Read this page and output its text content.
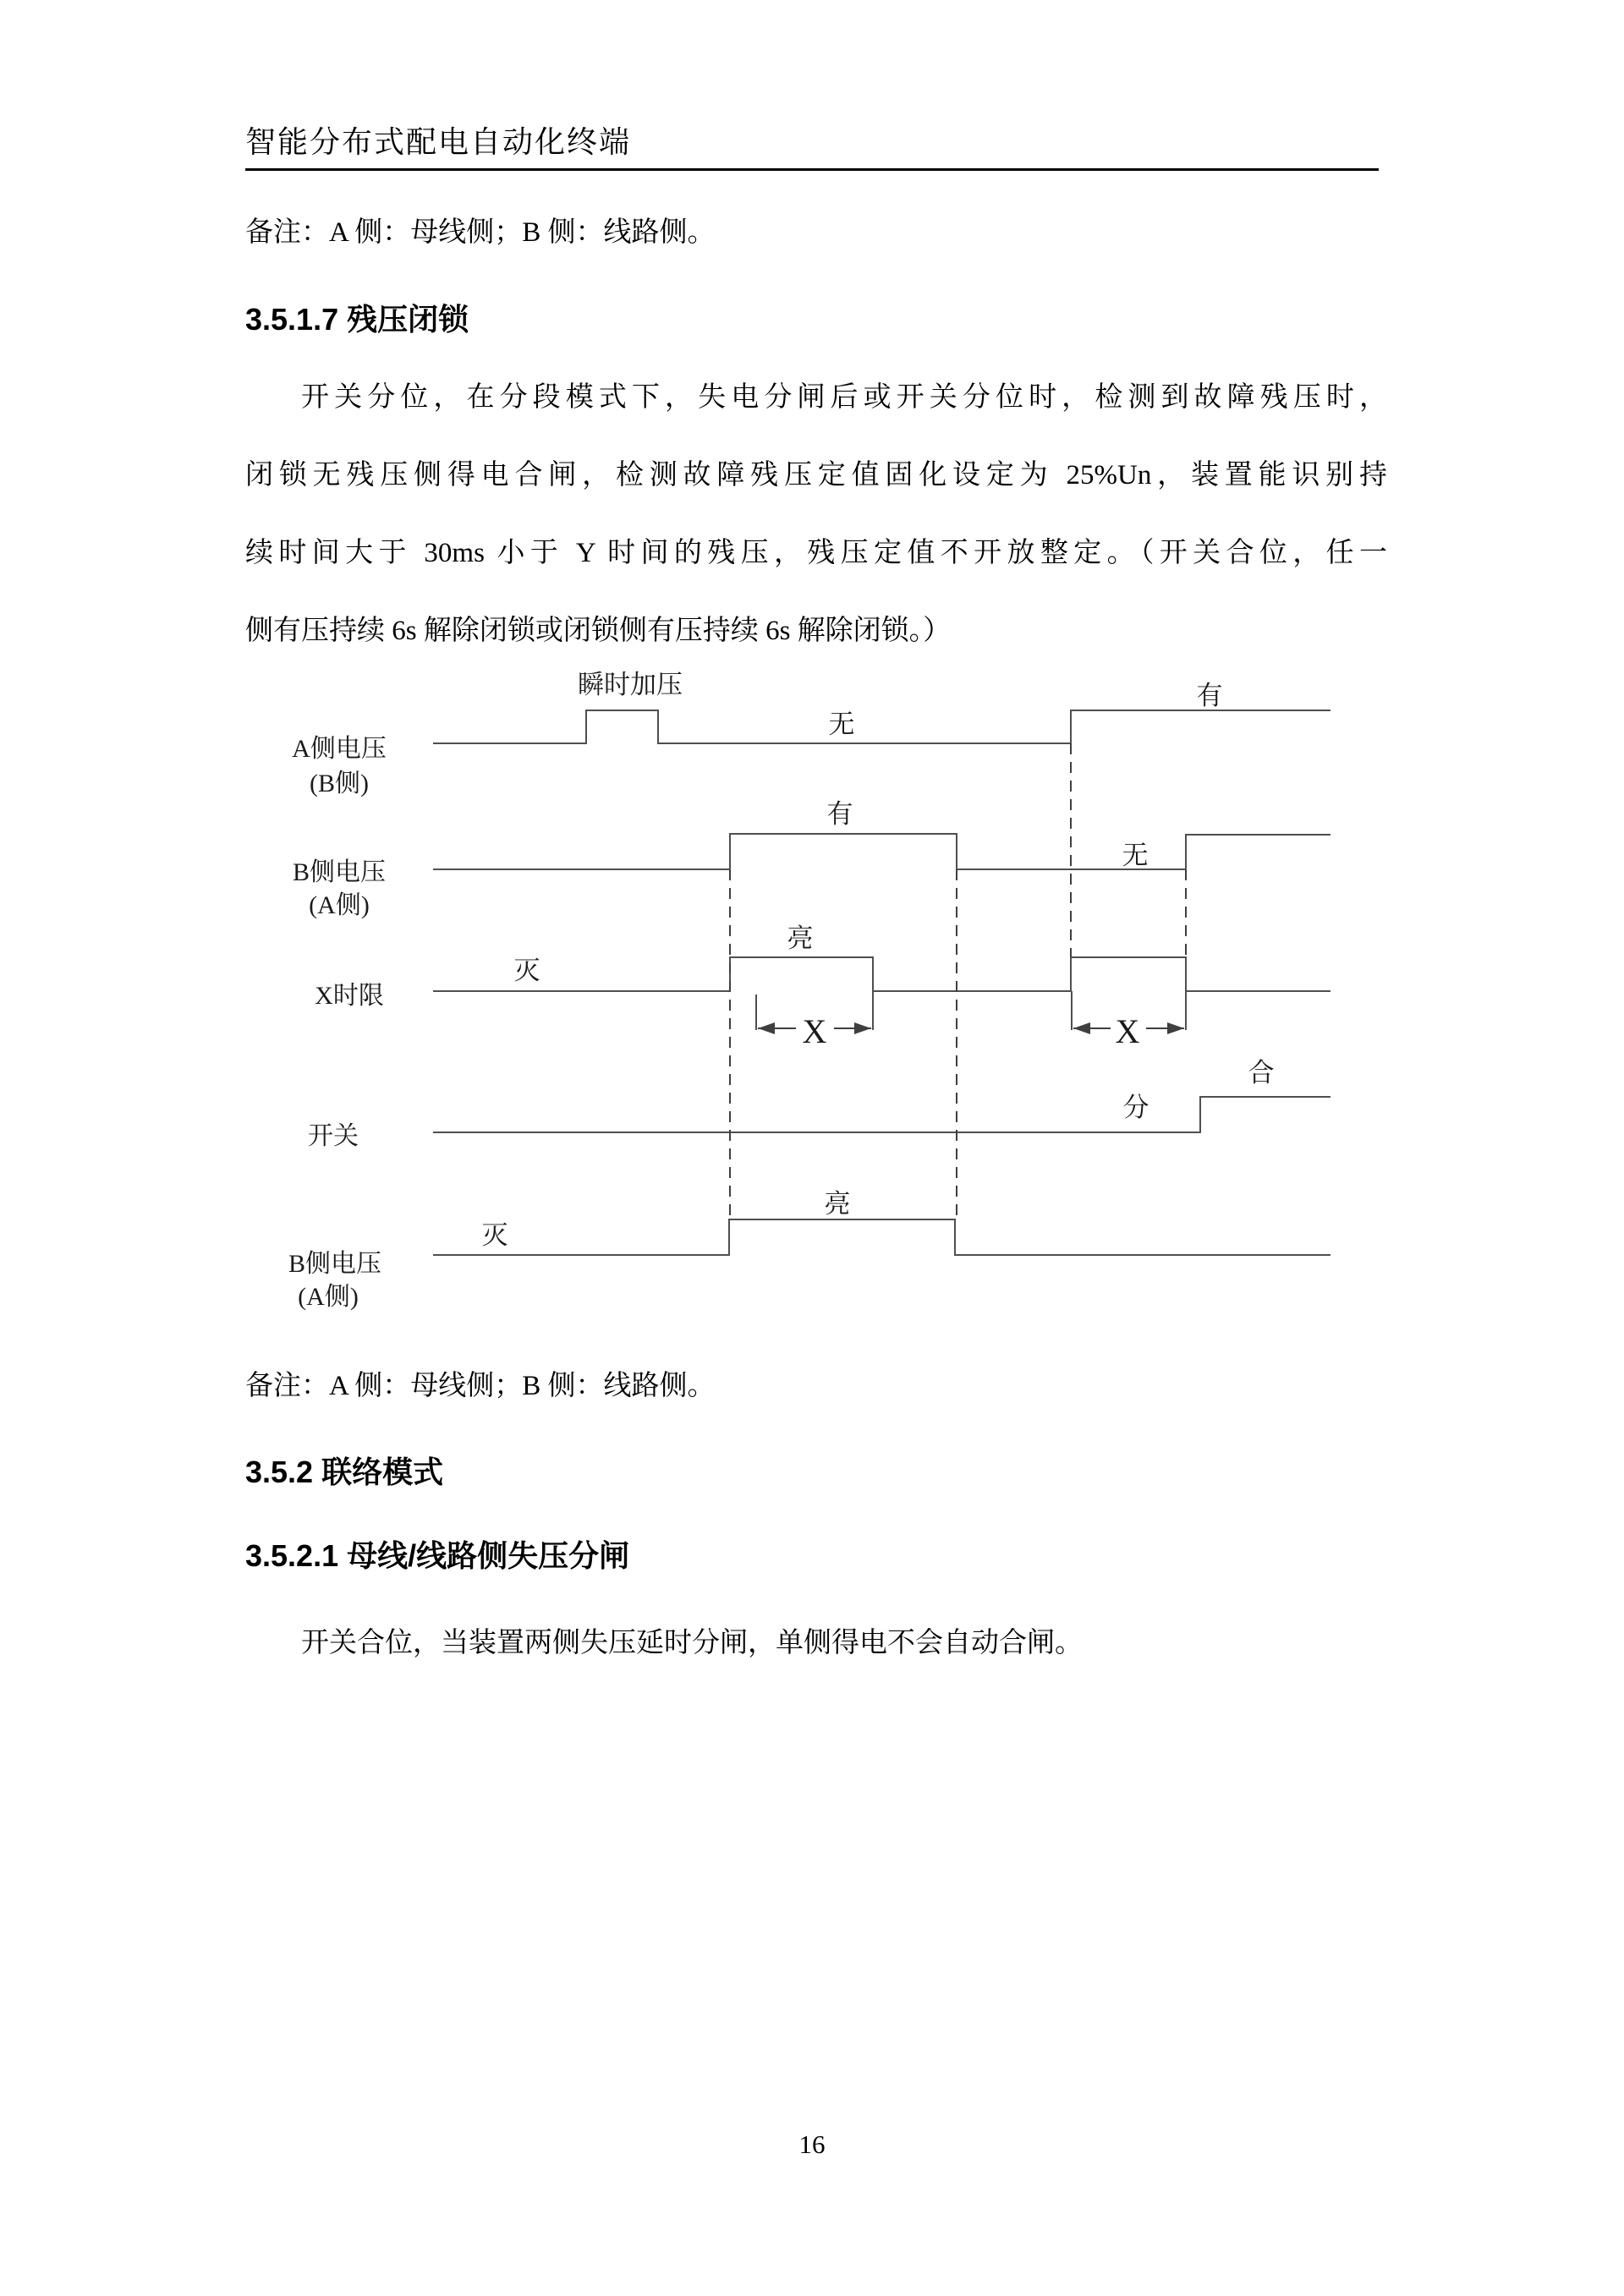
智能分布式配电自动化终端
备注：A 侧：母线侧；B 侧：线路侧。
3.5.1.7 残压闭锁
开关分位，在分段模式下，失电分闸后或开关分位时，检测到故障残压时，
闭锁无残压侧得电合闸，检测故障残压定值固化设定为 25%Un，装置能识别持
续时间大于 30ms 小于 Y 时间的残压，残压定值不开放整定。（开关合位，任一
侧有压持续 6s 解除闭锁或闭锁侧有压持续 6s 解除闭锁。）
A侧电压
(B侧)
B侧电压
(A侧)
X时限
开关
B侧电压
(A侧)
瞬时加压
无
有
有
无
灭
亮
X	X
分
合
灭
亮
备注：A 侧：母线侧；B 侧：线路侧。
3.5.2 联络模式
3.5.2.1 母线/线路侧失压分闸
开关合位，当装置两侧失压延时分闸，单侧得电不会自动合闸。
16
